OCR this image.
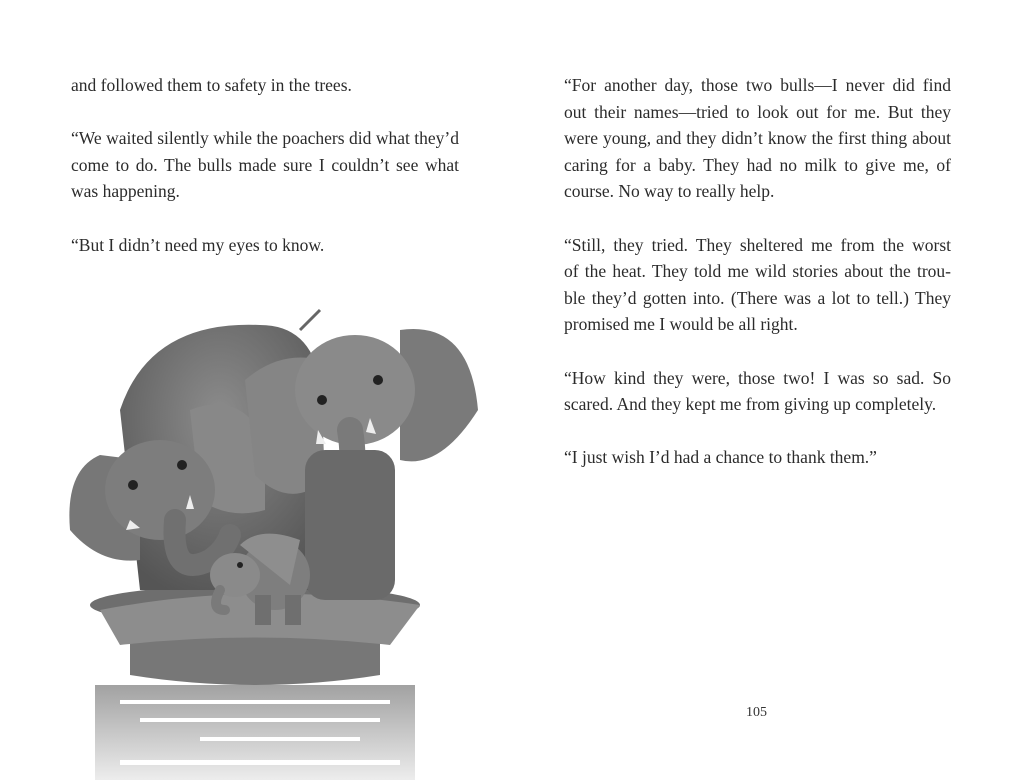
and followed them to safety in the trees.

“We waited silently while the poachers did what they’d
come to do. The bulls made sure I couldn’t see what
was happening.

“But I didn’t need my eyes to know.

“For another day, those two bulls—I never did find
out their names—tried to look out for me. But they
were young, and they didn’t know the first thing about
caring for a baby. They had no milk to give me, of
course. No way to really help.

“Still, they tried. They sheltered me from the worst
of the heat. They told me wild stories about the trou-
ble they’d gotten into. (There was a lot to tell.) They
promised me I would be all right.

“How kind they were, those two! I was so sad. So
scared. And they kept me from giving up completely.

“I just wish I’d had a chance to thank them.”

105
